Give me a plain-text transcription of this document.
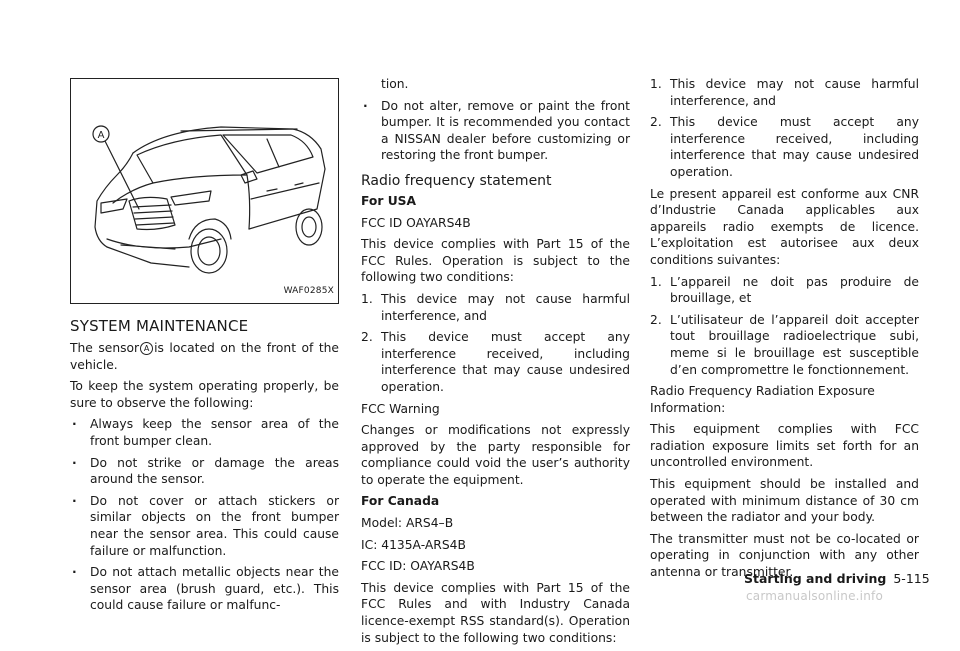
A
WAF0285X
SYSTEM MAINTENANCE

The sensor A is located on the front of the vehicle.

To keep the system operating properly, be sure to observe the following:

. Always keep the sensor area of the front bumper clean.
. Do not strike or damage the areas around the sensor.
. Do not cover or attach stickers or similar objects on the front bumper near the sensor area. This could cause failure or malfunction.
. Do not attach metallic objects near the sensor area (brush guard, etc.). This could cause failure or malfunc-

tion.

. Do not alter, remove or paint the front bumper. It is recommended you contact a NISSAN dealer before customizing or restoring the front bumper.
Radio frequency statement

For USA

FCC ID OAYARS4B

This device complies with Part 15 of the FCC Rules. Operation is subject to the following two conditions:

1. This device may not cause harmful interference, and
2. This device must accept any interference received, including interference that may cause undesired operation.

FCC Warning

Changes or modifications not expressly approved by the party responsible for compliance could void the user’s authority to operate the equipment.

For Canada

Model: ARS4–B

IC: 4135A-ARS4B

FCC ID: OAYARS4B

This device complies with Part 15 of the FCC Rules and with Industry Canada licence-exempt RSS standard(s). Operation is subject to the following two conditions:

1. This device may not cause harmful interference, and
2. This device must accept any interference received, including interference that may cause undesired operation.

Le present appareil est conforme aux CNR d’Industrie Canada applicables aux appareils radio exempts de licence. L’exploitation est autorisee aux deux conditions suivantes:

1. L’appareil ne doit pas produire de brouillage, et
2. L’utilisateur de l’appareil doit accepter tout brouillage radioelectrique subi, meme si le brouillage est susceptible d’en compromettre le fonctionnement.

Radio Frequency Radiation Exposure Information:

This equipment complies with FCC radiation exposure limits set forth for an uncontrolled environment.

This equipment should be installed and operated with minimum distance of 30 cm between the radiator and your body.

The transmitter must not be co-located or operating in conjunction with any other antenna or transmitter.

Starting and driving 5-115
carmanualsonline.info
